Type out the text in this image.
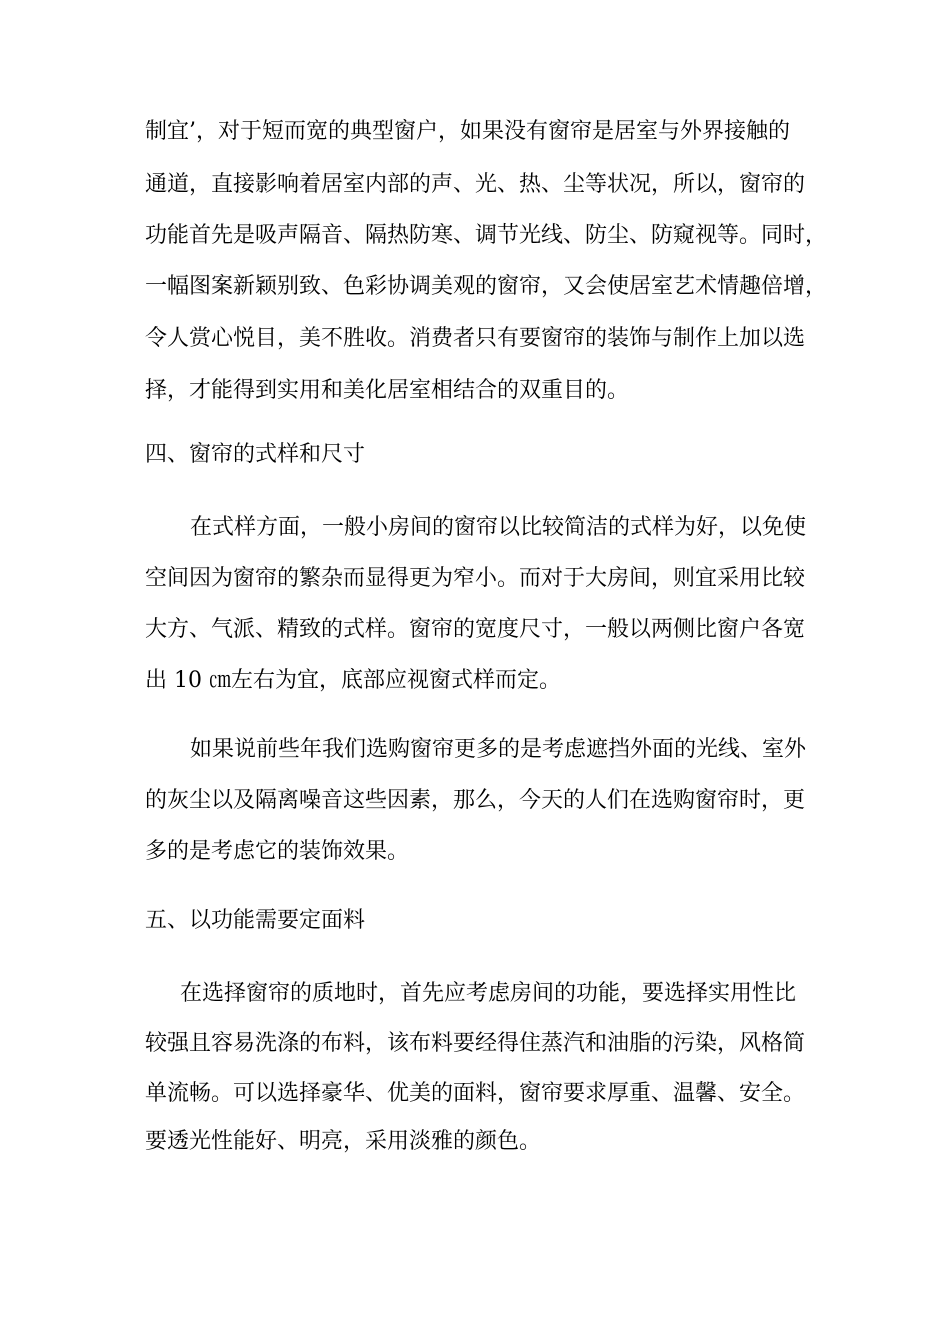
制宜’，对于短而宽的典型窗户，如果没有窗帘是居室与外界接触的
通道，直接影响着居室内部的声、光、热、尘等状况，所以，窗帘的
功能首先是吸声隔音、隔热防寒、调节光线、防尘、防窥视等。同时，
一幅图案新颖别致、色彩协调美观的窗帘，又会使居室艺术情趣倍增，
令人赏心悦目，美不胜收。消费者只有要窗帘的装饰与制作上加以选
择，才能得到实用和美化居室相结合的双重目的。
四、窗帘的式样和尺寸
在式样方面，一般小房间的窗帘以比较简洁的式样为好，以免使
空间因为窗帘的繁杂而显得更为窄小。而对于大房间，则宜采用比较
大方、气派、精致的式样。窗帘的宽度尺寸，一般以两侧比窗户各宽
出 10 ㎝左右为宜，底部应视窗式样而定。
如果说前些年我们选购窗帘更多的是考虑遮挡外面的光线、室外
的灰尘以及隔离噪音这些因素，那么，今天的人们在选购窗帘时，更
多的是考虑它的装饰效果。
五、以功能需要定面料
在选择窗帘的质地时，首先应考虑房间的功能，要选择实用性比
较强且容易洗涤的布料，该布料要经得住蒸汽和油脂的污染，风格简
单流畅。可以选择豪华、优美的面料，窗帘要求厚重、温馨、安全。
要透光性能好、明亮，采用淡雅的颜色。
